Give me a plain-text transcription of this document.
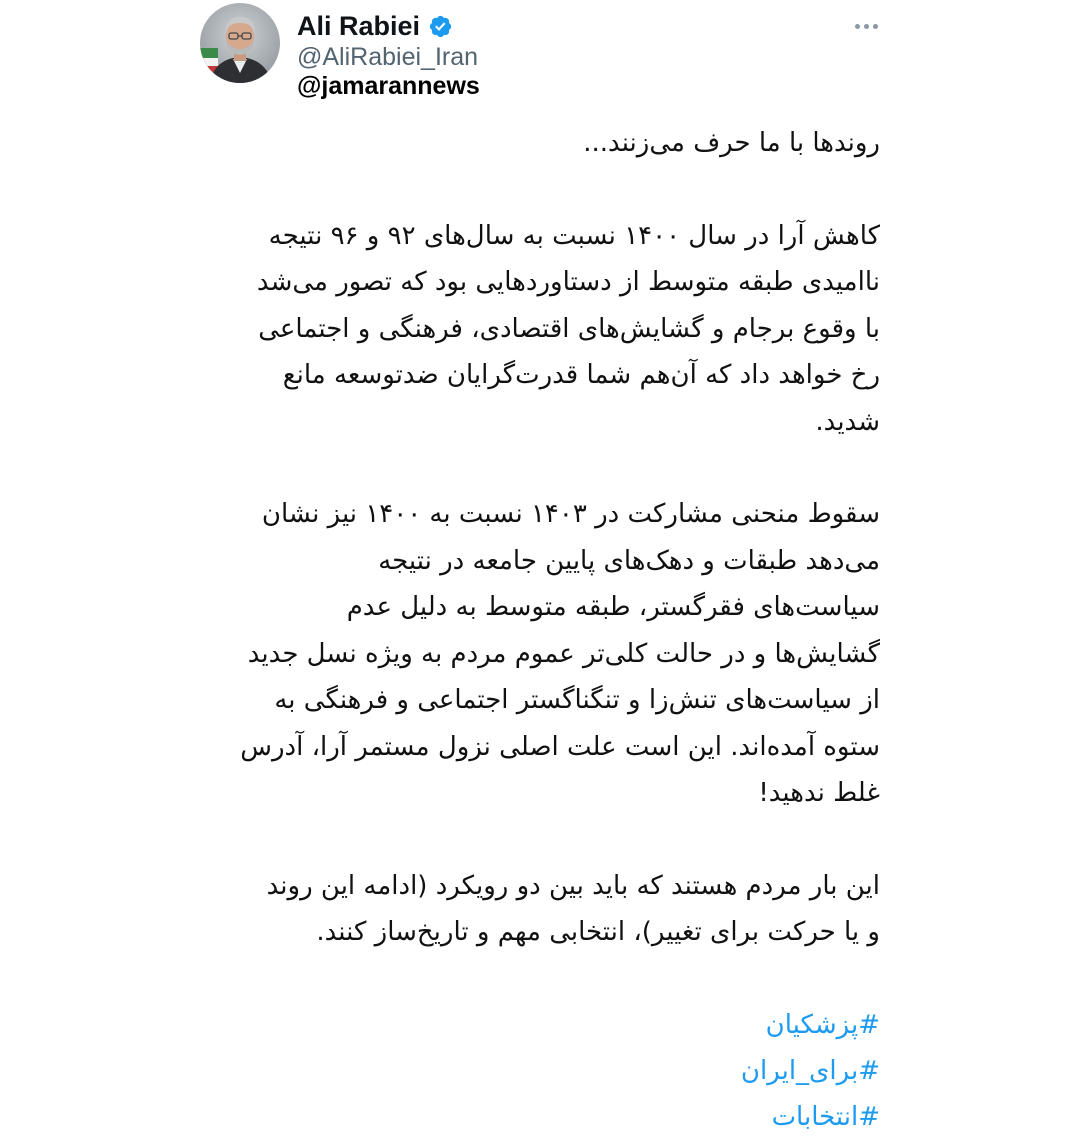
Ali Rabiei
@AliRabiei_Iran
@jamarannews

روندها با ما حرف می‌زنند...

کاهش آرا در سال ۱۴۰۰ نسبت به سال‌های ۹۲ و ۹۶ نتیجه
ناامیدی طبقه متوسط از دستاوردهایی بود که تصور می‌شد
با وقوع برجام و گشایش‌های اقتصادی، فرهنگی و اجتماعی
رخ خواهد داد که آن‌هم شما قدرت‌گرایان ضدتوسعه مانع
شدید.

سقوط منحنی مشارکت در ۱۴۰۳ نسبت به ۱۴۰۰ نیز نشان
می‌دهد طبقات و دهک‌های پایین جامعه در نتیجه
سیاست‌های فقرگستر، طبقه متوسط به دلیل عدم
گشایش‌ها و در حالت کلی‌تر عموم مردم به ویژه نسل جدید
از سیاست‌های تنش‌زا و تنگناگستر اجتماعی و فرهنگی به
ستوه آمده‌اند. این است علت اصلی نزول مستمر آرا، آدرس
غلط ندهید!

این بار مردم هستند که باید بین دو رویکرد (ادامه این روند
و یا حرکت برای تغییر)، انتخابی مهم و تاریخ‌ساز کنند.

#پزشکیان
#برای_ایران
#انتخابات
